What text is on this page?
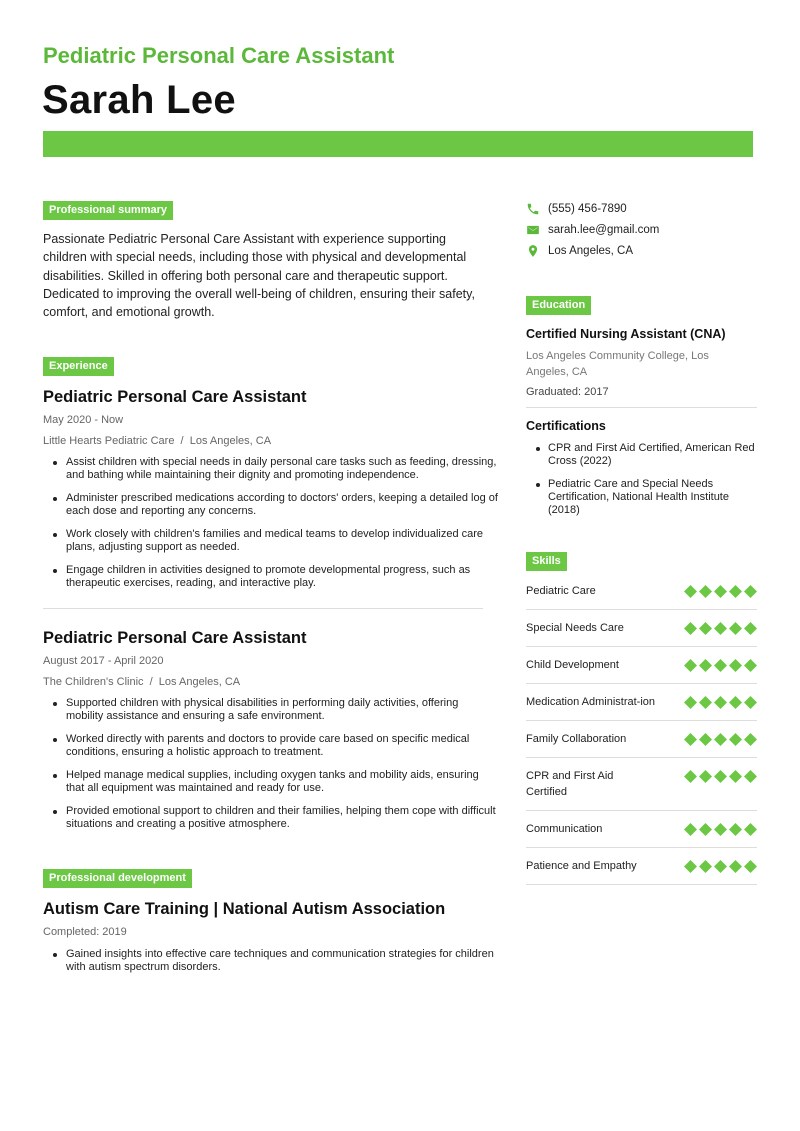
Pediatric Personal Care Assistant
Sarah Lee
Professional summary

Passionate Pediatric Personal Care Assistant with experience supporting children with special needs, including those with physical and developmental disabilities. Skilled in offering both personal care and therapeutic support. Dedicated to improving the overall well-being of children, ensuring their safety, comfort, and emotional growth.

Experience
Pediatric Personal Care Assistant
May 2020 - Now
Little Hearts Pediatric Care  /  Los Angeles, CA
Assist children with special needs in daily personal care tasks such as feeding, dressing, and bathing while maintaining their dignity and promoting independence.
Administer prescribed medications according to doctors' orders, keeping a detailed log of each dose and reporting any concerns.
Work closely with children's families and medical teams to develop individualized care plans, adjusting support as needed.
Engage children in activities designed to promote developmental progress, such as therapeutic exercises, reading, and interactive play.
Pediatric Personal Care Assistant
August 2017 - April 2020
The Children's Clinic  /  Los Angeles, CA
Supported children with physical disabilities in performing daily activities, offering mobility assistance and ensuring a safe environment.
Worked directly with parents and doctors to provide care based on specific medical conditions, ensuring a holistic approach to treatment.
Helped manage medical supplies, including oxygen tanks and mobility aids, ensuring that all equipment was maintained and ready for use.
Provided emotional support to children and their families, helping them cope with difficult situations and creating a positive atmosphere.
Professional development
Autism Care Training | National Autism Association
Completed: 2019
Gained insights into effective care techniques and communication strategies for children with autism spectrum disorders.
(555) 456-7890
sarah.lee@gmail.com
Los Angeles, CA
Education
Certified Nursing Assistant (CNA)
Los Angeles Community College, Los Angeles, CA
Graduated: 2017
Certifications
CPR and First Aid Certified, American Red Cross (2022)
Pediatric Care and Special Needs Certification, National Health Institute (2018)
Skills
Pediatric Care
Special Needs Care
Child Development
Medication Administrat-ion
Family Collaboration
CPR and First Aid Certified
Communication
Patience and Empathy
